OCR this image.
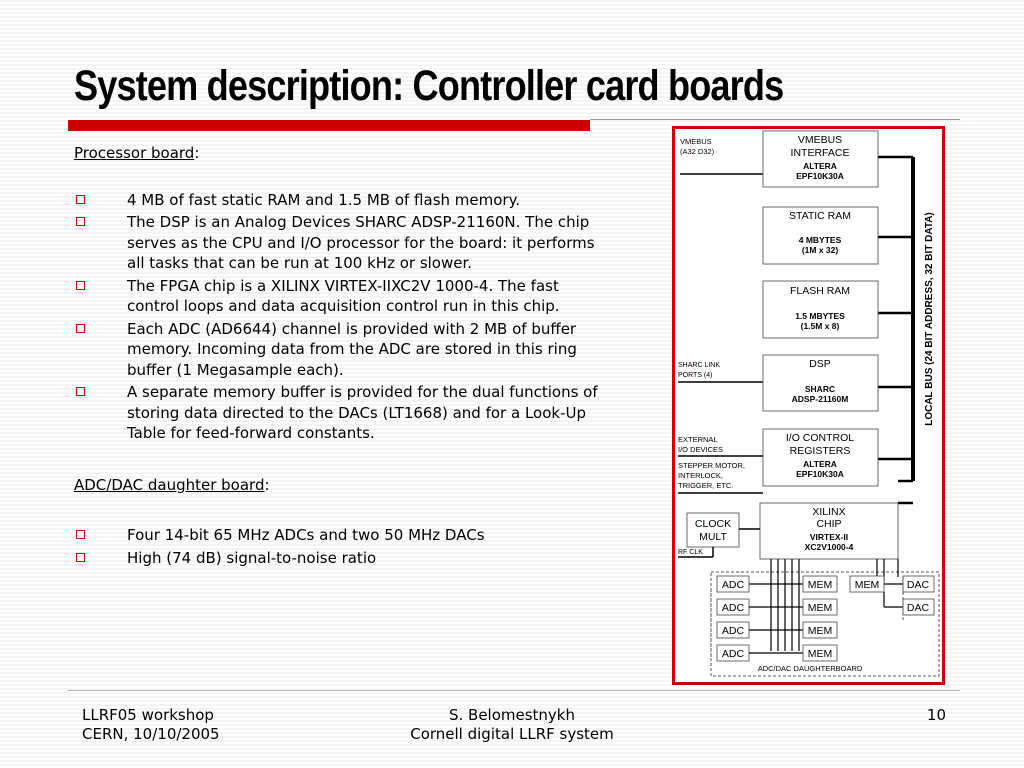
System description: Controller card boards

Processor board:

4 MB of fast static RAM and 1.5 MB of flash memory.
The DSP is an Analog Devices SHARC ADSP-21160N. The chip serves as the CPU and I/O processor for the board: it performs all tasks that can be run at 100 kHz or slower.
The FPGA chip is a XILINX VIRTEX-IIXC2V 1000-4. The fast control loops and data acquisition control run in this chip.
Each ADC (AD6644) channel is provided with 2 MB of buffer memory. Incoming data from the ADC are stored in this ring buffer (1 Megasample each).
A separate memory buffer is provided for the dual functions of storing data directed to the DACs (LT1668) and for a Look-Up Table for feed-forward constants.

ADC/DAC daughter board:

Four 14-bit 65 MHz ADCs and two 50 MHz DACs
High (74 dB) signal-to-noise ratio
LOCAL BUS (24 BIT ADDRESS, 32 BIT DATA)
VMEBUS
(A32 D32)
SHARC LINK
PORTS (4)
EXTERNAL
I/O DEVICES
STEPPER MOTOR,
INTERLOCK,
TRIGGER, ETC.
VMEBUS
INTERFACE
ALTERA
EPF10K30A
STATIC RAM
4 MBYTES
(1M x 32)
FLASH RAM
1.5 MBYTES
(1.5M x 8)
DSP
SHARC
ADSP-21160M
I/O CONTROL
REGISTERS
ALTERA
EPF10K30A
XILINX
CHIP
VIRTEX-II
XC2V1000-4
CLOCK
MULT
RF CLK
ADC/DAC DAUGHTERBOARD
ADC	MEM
ADC	MEM
ADC	MEM
ADC	MEM
MEM	DAC
DAC
LLRF05 workshop
CERN, 10/10/2005
S. Belomestnykh
Cornell digital LLRF system
10
